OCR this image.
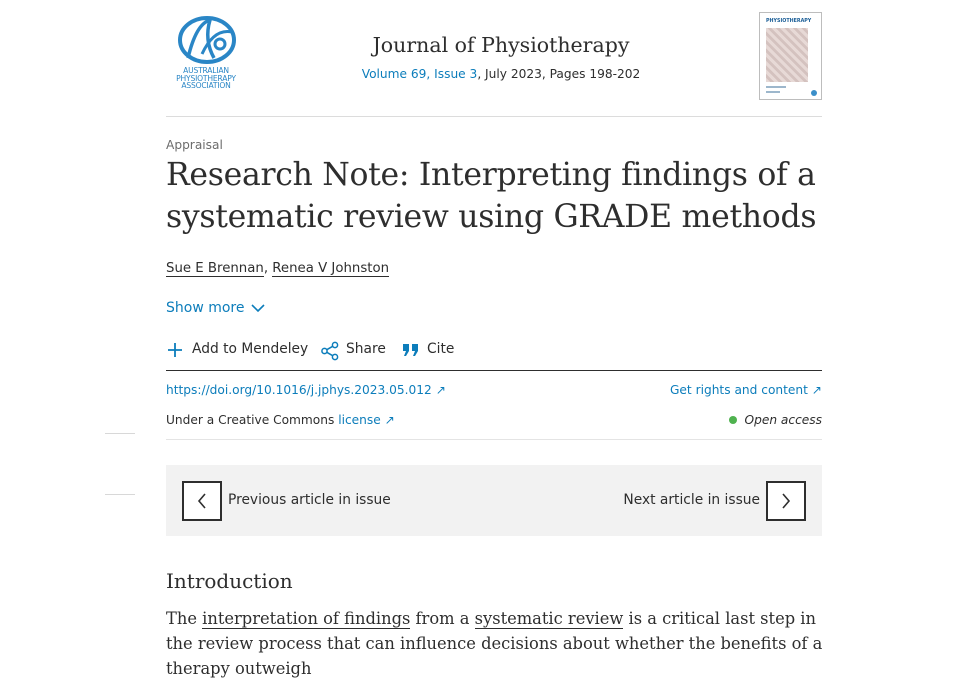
AUSTRALIAN PHYSIOTHERAPY ASSOCIATION
Journal of Physiotherapy
Volume 69, Issue 3, July 2023, Pages 198-202
PHYSIOTHERAPY
Appraisal
Research Note: Interpreting findings of a systematic review using GRADE methods
Sue E Brennan, Renea V Johnston
Show more
Add to Mendeley	Share	Cite
https://doi.org/10.1016/j.jphys.2023.05.012 ↗	Get rights and content ↗
Under a Creative Commons license ↗	Open access
Previous article in issue	Next article in issue
Introduction

The interpretation of findings from a systematic review is a critical last step in the review process that can influence decisions about whether the benefits of a therapy outweigh
